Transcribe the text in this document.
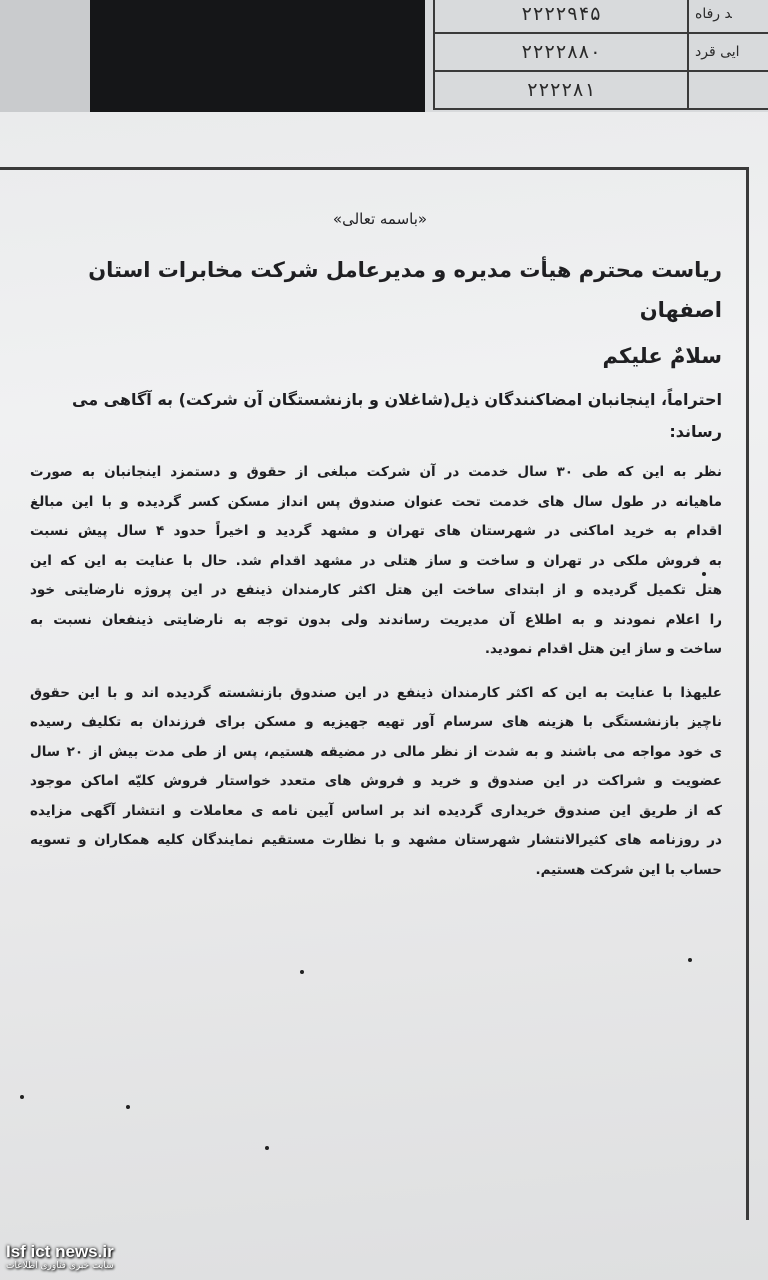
۲۲۲۲۹۴۵	ﺪ رفاه
۲۲۲۲۸۸۰	ایی قرد
۲۲۲۲۸۱	
«باسمه تعالی»
ریاست محترم هیأت مدیره و مدیرعامل شرکت مخابرات استان اصفهان
سلامٌ علیکم
احتراماً، اینجانبان امضاکنندگان ذیل(شاغلان و بازنشستگان آن شرکت) به آگاهی می رساند:
نظر به این که طی ۳۰ سال خدمت در آن شرکت مبلغی از حقوق و دستمزد اینجانبان به صورت
ماهیانه در طول سال های خدمت تحت عنوان صندوق پس انداز مسکن کسر گردیده و با این مبالغ
اقدام به خرید اماکنی در شهرستان های تهران و مشهد گردید و اخیراً حدود ۴ سال پیش نسبت
به فروش ملکی در تهران و ساخت و ساز هتلی در مشهد اقدام شد. حال با عنایت به این که این
هتل تکمیل گردیده و از ابتدای ساخت این هتل اکثر کارمندان ذینفع در این پروژه نارضایتی خود
را اعلام نمودند و به اطلاع آن مدیریت رساندند ولی بدون توجه به نارضایتی ذینفعان نسبت به
ساخت و ساز این هتل اقدام نمودید.
علیهذا با عنایت به این که اکثر کارمندان ذینفع در این صندوق بازنشسته گردیده اند و با این حقوق
ناچیز بازنشستگی با هزینه های سرسام آور تهیه جهیزیه و مسکن برای فرزندان به تکلیف رسیده
ی خود مواجه می باشند و به شدت از نظر مالی در مضیقه هستیم، پس از طی مدت بیش از ۲۰ سال
عضویت و شراکت در این صندوق و خرید و فروش های متعدد خواستار فروش کلیّه اماکن موجود
که از طریق این صندوق خریداری گردیده اند بر اساس آیین نامه ی معاملات و انتشار آگهی مزایده
در روزنامه های کثیرالانتشار شهرستان مشهد و با نظارت مستقیم نمایندگان کلیه همکاران و تسویه
حساب با این شرکت هستیم.
Isf ict news.ir
سایت خبری فناوری اطلاعات
